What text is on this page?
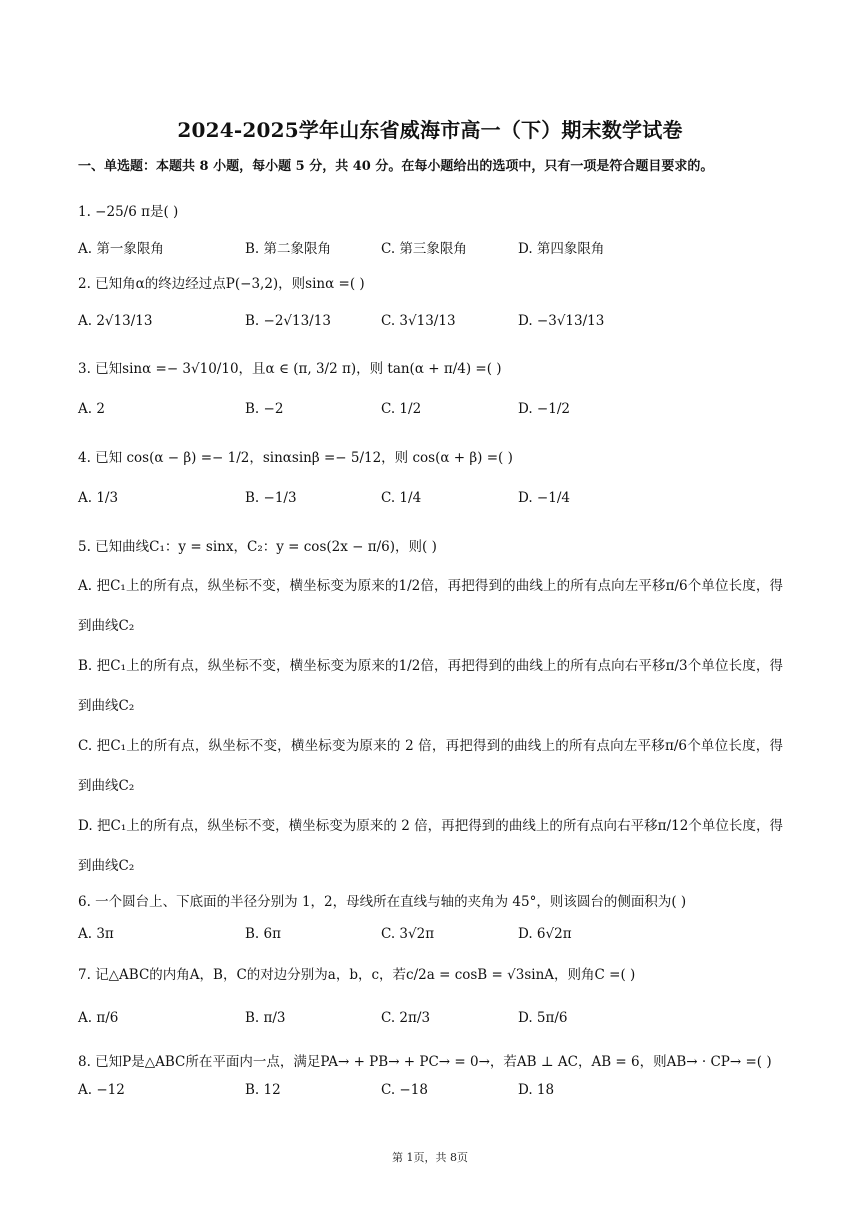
2024-2025学年山东省威海市高一（下）期末数学试卷
一、单选题：本题共 8 小题，每小题 5 分，共 40 分。在每小题给出的选项中，只有一项是符合题目要求的。
1. −25/6 π是( )
A. 第一象限角	B. 第二象限角	C. 第三象限角	D. 第四象限角
2. 已知角α的终边经过点P(−3,2)，则sinα =( )
A. 2√13/13	B. −2√13/13	C. 3√13/13	D. −3√13/13
3. 已知sinα =− 3√10/10，且α ∈ (π, 3/2 π)，则 tan(α + π/4) =( )
A. 2	B. −2	C. 1/2	D. −1/2
4. 已知 cos(α − β) =− 1/2，sinαsinβ =− 5/12，则 cos(α + β) =( )
A. 1/3	B. −1/3	C. 1/4	D. −1/4
5. 已知曲线C₁：y = sinx，C₂：y = cos(2x − π/6)，则( )
A. 把C₁上的所有点，纵坐标不变，横坐标变为原来的1/2倍，再把得到的曲线上的所有点向左平移π/6个单位长度，得到曲线C₂
B. 把C₁上的所有点，纵坐标不变，横坐标变为原来的1/2倍，再把得到的曲线上的所有点向右平移π/3个单位长度，得到曲线C₂
C. 把C₁上的所有点，纵坐标不变，横坐标变为原来的 2 倍，再把得到的曲线上的所有点向左平移π/6个单位长度，得到曲线C₂
D. 把C₁上的所有点，纵坐标不变，横坐标变为原来的 2 倍，再把得到的曲线上的所有点向右平移π/12个单位长度，得到曲线C₂
6. 一个圆台上、下底面的半径分别为 1，2，母线所在直线与轴的夹角为 45°，则该圆台的侧面积为( )
A. 3π	B. 6π	C. 3√2π	D. 6√2π
7. 记△ABC的内角A，B，C的对边分别为a，b，c，若c/2a = cosB = √3sinA，则角C =( )
A. π/6	B. π/3	C. 2π/3	D. 5π/6
8. 已知P是△ABC所在平面内一点，满足PA→ + PB→ + PC→ = 0→，若AB ⊥ AC，AB = 6，则AB→ · CP→ =( )
A. −12	B. 12	C. −18	D. 18
第 1页，共 8页
